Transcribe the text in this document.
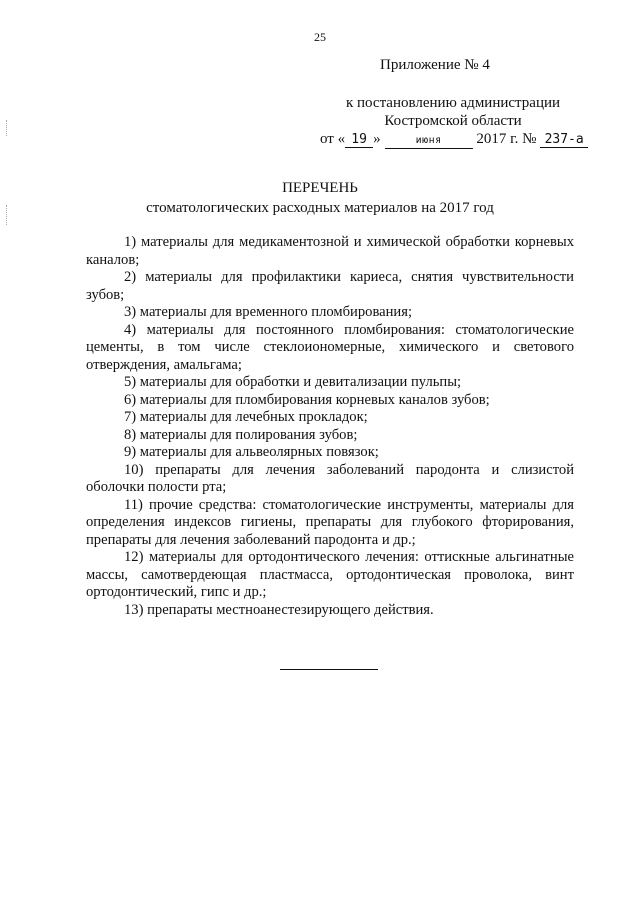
25
Приложение № 4
к постановлению администрации
Костромской области
от « 19 »	июня 2017 г. № 237-а
ПЕРЕЧЕНЬ
стоматологических расходных материалов на 2017 год

1) материалы для медикаментозной и химической обработки корневых каналов;

2) материалы для профилактики кариеса, снятия чувствительности зубов;

3) материалы для временного пломбирования;

4) материалы для постоянного пломбирования: стоматологические цементы, в том числе стеклоиономерные, химического и светового отверждения, амальгама;

5) материалы для обработки и девитализации пульпы;

6) материалы для пломбирования корневых каналов зубов;

7) материалы для лечебных прокладок;

8) материалы для полирования зубов;

9) материалы для альвеолярных повязок;

10) препараты для лечения заболеваний пародонта и слизистой оболочки полости рта;

11) прочие средства: стоматологические инструменты, материалы для определения индексов гигиены, препараты для глубокого фторирования, препараты для лечения заболеваний пародонта и др.;

12) материалы для ортодонтического лечения: оттискные альгинатные массы, самотвердеющая пластмасса, ортодонтическая проволока, винт ортодонтический, гипс и др.;

13) препараты местноанестезирующего действия.
